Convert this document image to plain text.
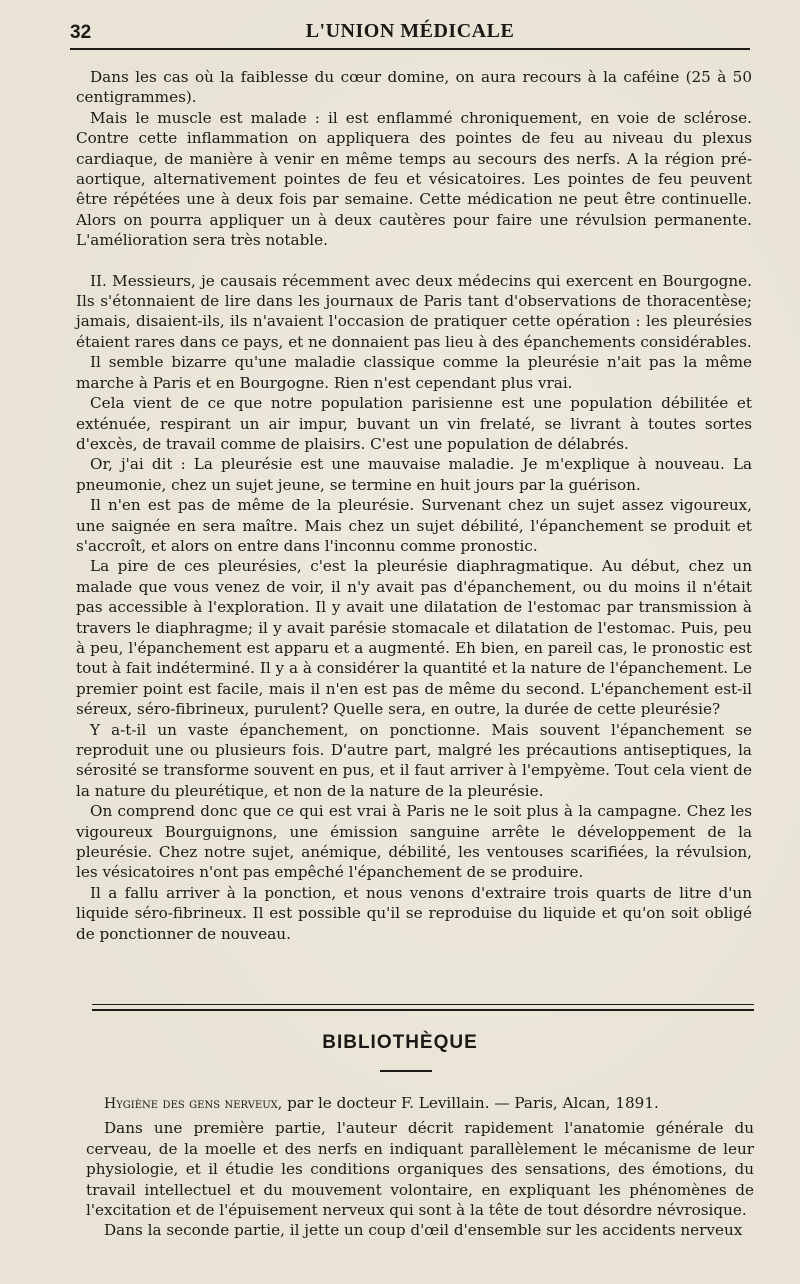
32	L'UNION MÉDICALE

Dans les cas où la faiblesse du cœur domine, on aura recours à la caféine (25 à 50 centigrammes).

Mais le muscle est malade : il est enflammé chroniquement, en voie de sclérose. Contre cette inflammation on appliquera des pointes de feu au niveau du plexus cardiaque, de manière à venir en même temps au secours des nerfs. A la région pré-aortique, alternativement pointes de feu et vésicatoires. Les pointes de feu peuvent être répétées une à deux fois par semaine. Cette médication ne peut être continuelle. Alors on pourra appliquer un à deux cautères pour faire une révulsion permanente. L'amélioration sera très notable.

II. Messieurs, je causais récemment avec deux médecins qui exercent en Bourgogne. Ils s'étonnaient de lire dans les journaux de Paris tant d'observations de thoracentèse; jamais, disaient-ils, ils n'avaient l'occasion de pratiquer cette opération : les pleurésies étaient rares dans ce pays, et ne donnaient pas lieu à des épanchements considérables.

Il semble bizarre qu'une maladie classique comme la pleurésie n'ait pas la même marche à Paris et en Bourgogne. Rien n'est cependant plus vrai.

Cela vient de ce que notre population parisienne est une population débilitée et exténuée, respirant un air impur, buvant un vin frelaté, se livrant à toutes sortes d'excès, de travail comme de plaisirs. C'est une population de délabrés.

Or, j'ai dit : La pleurésie est une mauvaise maladie. Je m'explique à nouveau. La pneumonie, chez un sujet jeune, se termine en huit jours par la guérison.

Il n'en est pas de même de la pleurésie. Survenant chez un sujet assez vigoureux, une saignée en sera maître. Mais chez un sujet débilité, l'épanchement se produit et s'accroît, et alors on entre dans l'inconnu comme pronostic.

La pire de ces pleurésies, c'est la pleurésie diaphragmatique. Au début, chez un malade que vous venez de voir, il n'y avait pas d'épanchement, ou du moins il n'était pas accessible à l'exploration. Il y avait une dilatation de l'estomac par transmission à travers le diaphragme; il y avait parésie stomacale et dilatation de l'estomac. Puis, peu à peu, l'épanchement est apparu et a augmenté. Eh bien, en pareil cas, le pronostic est tout à fait indéterminé. Il y a à considérer la quantité et la nature de l'épanchement. Le premier point est facile, mais il n'en est pas de même du second. L'épanchement est-il séreux, séro-fibrineux, purulent? Quelle sera, en outre, la durée de cette pleurésie?

Y a-t-il un vaste épanchement, on ponctionne. Mais souvent l'épanchement se reproduit une ou plusieurs fois. D'autre part, malgré les précautions antiseptiques, la sérosité se transforme souvent en pus, et il faut arriver à l'empyème. Tout cela vient de la nature du pleurétique, et non de la nature de la pleurésie.

On comprend donc que ce qui est vrai à Paris ne le soit plus à la campagne. Chez les vigoureux Bourguignons, une émission sanguine arrête le développement de la pleurésie. Chez notre sujet, anémique, débilité, les ventouses scarifiées, la révulsion, les vésicatoires n'ont pas empêché l'épanchement de se produire.

Il a fallu arriver à la ponction, et nous venons d'extraire trois quarts de litre d'un liquide séro-fibrineux. Il est possible qu'il se reproduise du liquide et qu'on soit obligé de ponctionner de nouveau.

BIBLIOTHÈQUE

Hygiène des gens nerveux, par le docteur F. Levillain. — Paris, Alcan, 1891.

Dans une première partie, l'auteur décrit rapidement l'anatomie générale du cerveau, de la moelle et des nerfs en indiquant parallèlement le mécanisme de leur physiologie, et il étudie les conditions organiques des sensations, des émotions, du travail intellectuel et du mouvement volontaire, en expliquant les phénomènes de l'excitation et de l'épuisement nerveux qui sont à la tête de tout désordre névrosique.

Dans la seconde partie, il jette un coup d'œil d'ensemble sur les accidents nerveux
